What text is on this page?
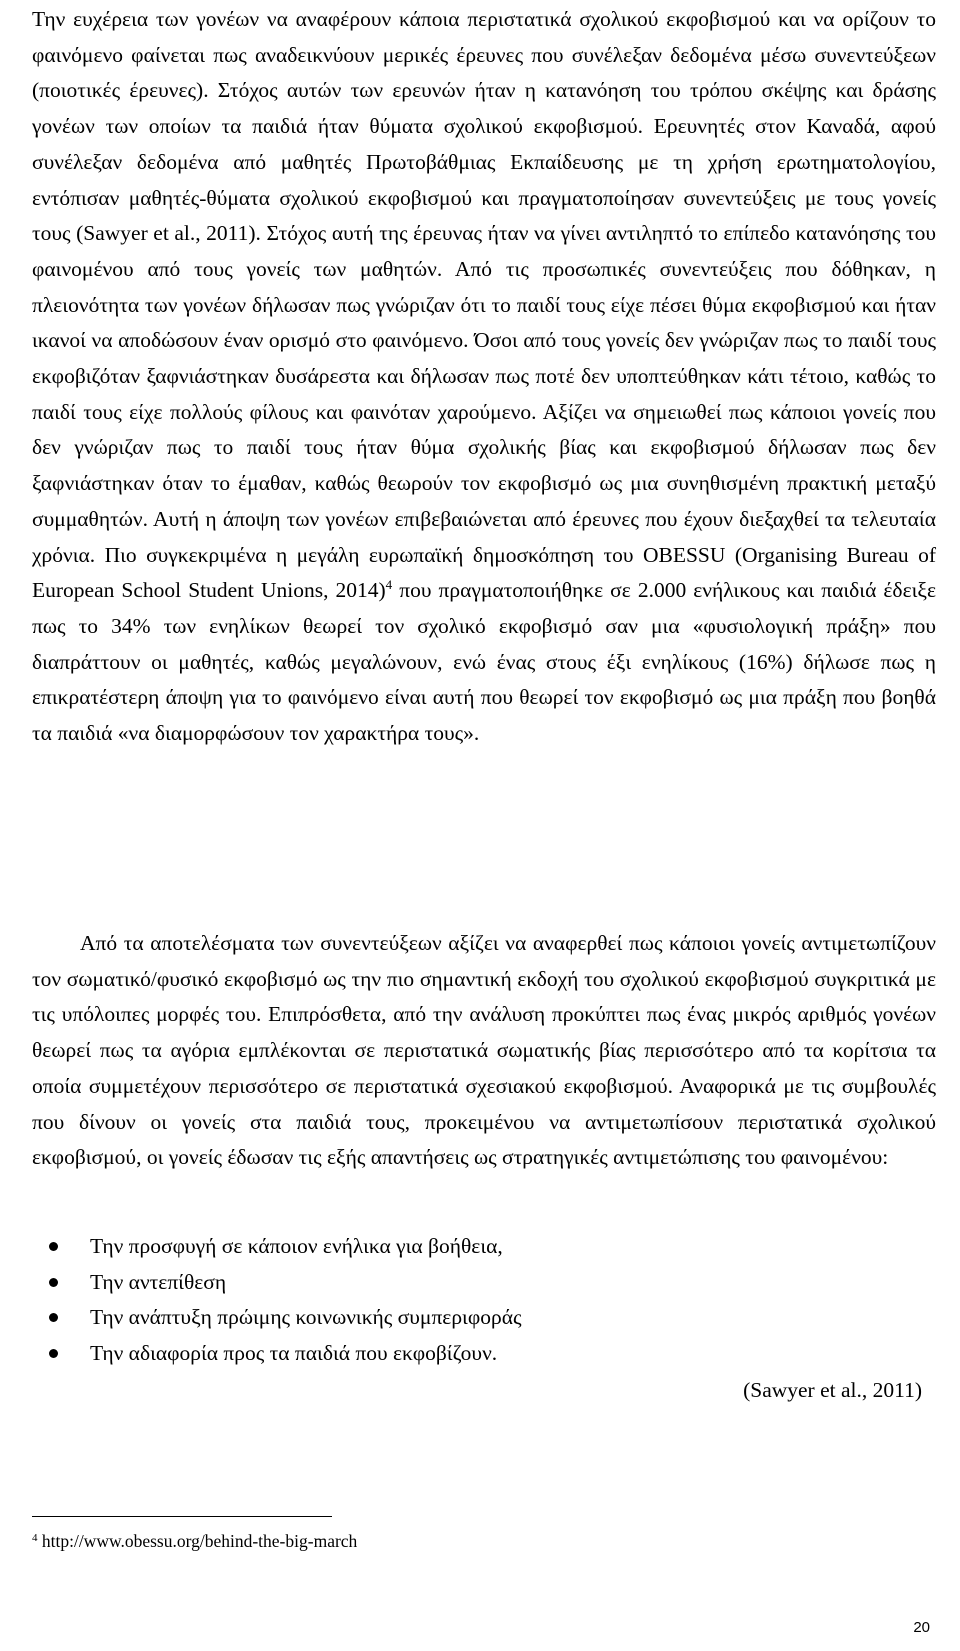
Την ευχέρεια των γονέων να αναφέρουν κάποια περιστατικά σχολικού εκφοβισμού και να ορίζουν το φαινόμενο φαίνεται πως αναδεικνύουν μερικές έρευνες που συνέλεξαν δεδομένα μέσω συνεντεύξεων (ποιοτικές έρευνες). Στόχος αυτών των ερευνών ήταν η κατανόηση του τρόπου σκέψης και δράσης γονέων των οποίων τα παιδιά ήταν θύματα σχολικού εκφοβισμού. Ερευνητές στον Καναδά, αφού συνέλεξαν δεδομένα από μαθητές Πρωτοβάθμιας Εκπαίδευσης με τη χρήση ερωτηματολογίου, εντόπισαν μαθητές-θύματα σχολικού εκφοβισμού και πραγματοποίησαν συνεντεύξεις με τους γονείς τους (Sawyer et al., 2011). Στόχος αυτή της έρευνας ήταν να γίνει αντιληπτό το επίπεδο κατανόησης του φαινομένου από τους γονείς των μαθητών. Από τις προσωπικές συνεντεύξεις που δόθηκαν, η πλειονότητα των γονέων δήλωσαν πως γνώριζαν ότι το παιδί τους είχε πέσει θύμα εκφοβισμού και ήταν ικανοί να αποδώσουν έναν ορισμό στο φαινόμενο. Όσοι από τους γονείς δεν γνώριζαν πως το παιδί τους εκφοβιζόταν ξαφνιάστηκαν δυσάρεστα και δήλωσαν πως ποτέ δεν υποπτεύθηκαν κάτι τέτοιο, καθώς το παιδί τους είχε πολλούς φίλους και φαινόταν χαρούμενο. Αξίζει να σημειωθεί πως κάποιοι γονείς που δεν γνώριζαν πως το παιδί τους ήταν θύμα σχολικής βίας και εκφοβισμού δήλωσαν πως δεν ξαφνιάστηκαν όταν το έμαθαν, καθώς θεωρούν τον εκφοβισμό ως μια συνηθισμένη πρακτική μεταξύ συμμαθητών. Αυτή η άποψη των γονέων επιβεβαιώνεται από έρευνες που έχουν διεξαχθεί τα τελευταία χρόνια. Πιο συγκεκριμένα η μεγάλη ευρωπαϊκή δημοσκόπηση του OBESSU (Organising Bureau of European School Student Unions, 2014)$^4$ που πραγματοποιήθηκε σε 2.000 ενήλικους και παιδιά έδειξε πως το 34% των ενηλίκων θεωρεί τον σχολικό εκφοβισμό σαν μια «φυσιολογική πράξη» που διαπράττουν οι μαθητές, καθώς μεγαλώνουν, ενώ ένας στους έξι ενηλίκους (16%) δήλωσε πως η επικρατέστερη άποψη για το φαινόμενο είναι αυτή που θεωρεί τον εκφοβισμό ως μια πράξη που βοηθά τα παιδιά «να διαμορφώσουν τον χαρακτήρα τους».

Από τα αποτελέσματα των συνεντεύξεων αξίζει να αναφερθεί πως κάποιοι γονείς αντιμετωπίζουν τον σωματικό/φυσικό εκφοβισμό ως την πιο σημαντική εκδοχή του σχολικού εκφοβισμού συγκριτικά με τις υπόλοιπες μορφές του. Επιπρόσθετα, από την ανάλυση προκύπτει πως ένας μικρός αριθμός γονέων θεωρεί πως τα αγόρια εμπλέκονται σε περιστατικά σωματικής βίας περισσότερο από τα κορίτσια τα οποία συμμετέχουν περισσότερο σε περιστατικά σχεσιακού εκφοβισμού. Αναφορικά με τις συμβουλές που δίνουν οι γονείς στα παιδιά τους, προκειμένου να αντιμετωπίσουν περιστατικά σχολικού εκφοβισμού, οι γονείς έδωσαν τις εξής απαντήσεις ως στρατηγικές αντιμετώπισης του φαινομένου:

Την προσφυγή σε κάποιον ενήλικα για βοήθεια,
Την αντεπίθεση
Την ανάπτυξη πρώιμης κοινωνικής συμπεριφοράς
Την αδιαφορία προς τα παιδιά που εκφοβίζουν.
(Sawyer et al., 2011)
$^4$ http://www.obessu.org/behind-the-big-march
20
